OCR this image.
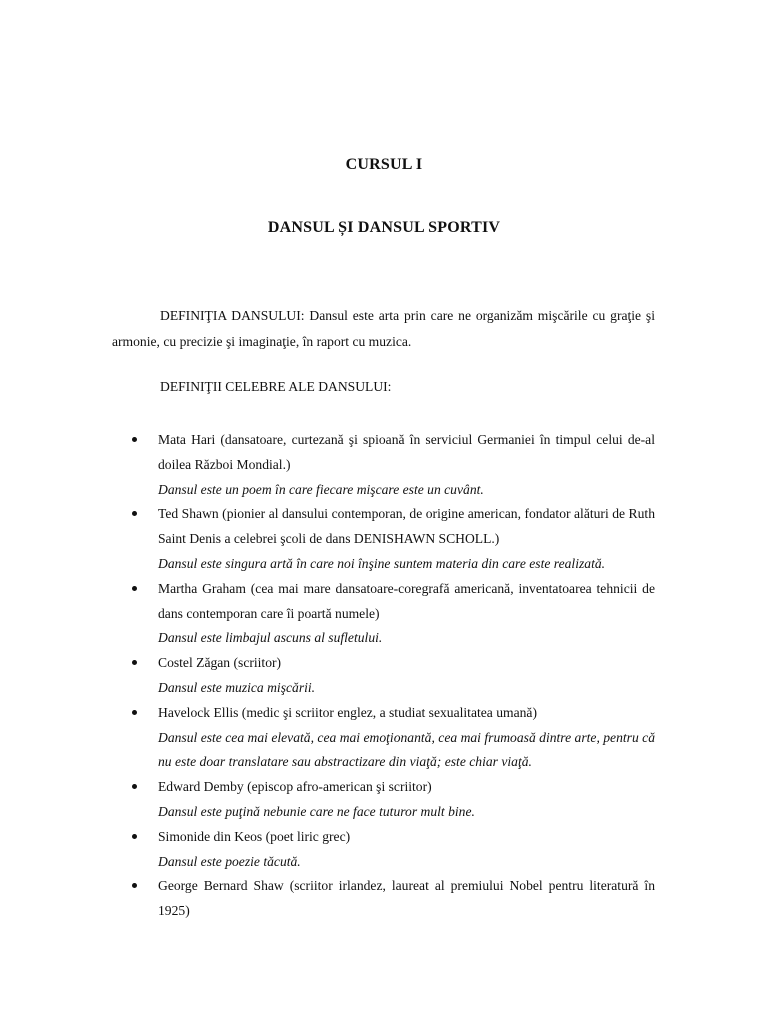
CURSUL I
DANSUL ȘI DANSUL SPORTIV

DEFINIŢIA DANSULUI: Dansul este arta prin care ne organizăm mişcările cu graţie şi armonie, cu precizie şi imaginaţie, în raport cu muzica.

DEFINIŢII CELEBRE ALE DANSULUI:

Mata Hari (dansatoare, curtezană şi spioană în serviciul Germaniei în timpul celui de-al doilea Război Mondial.)
Dansul este un poem în care fiecare mişcare este un cuvânt.
Ted Shawn (pionier al dansului contemporan, de origine american, fondator alături de Ruth Saint Denis a celebrei şcoli de dans DENISHAWN SCHOLL.)
Dansul este singura artă în care noi înşine suntem materia din care este realizată.
Martha Graham (cea mai mare dansatoare-coregrafă americană, inventatoarea tehnicii de dans contemporan care îi poartă numele)
Dansul este limbajul ascuns al sufletului.
Costel Zăgan (scriitor)
Dansul este muzica mişcării.
Havelock Ellis (medic şi scriitor englez, a studiat sexualitatea umană)
Dansul este cea mai elevată, cea mai emoţionantă, cea mai frumoasă dintre arte, pentru că nu este doar translatare sau abstractizare din viaţă; este chiar viaţă.
Edward Demby (episcop afro-american şi scriitor)
Dansul este puţină nebunie care ne face tuturor mult bine.
Simonide din Keos (poet liric grec)
Dansul este poezie tăcută.
George Bernard Shaw (scriitor irlandez, laureat al premiului Nobel pentru literatură în 1925)
